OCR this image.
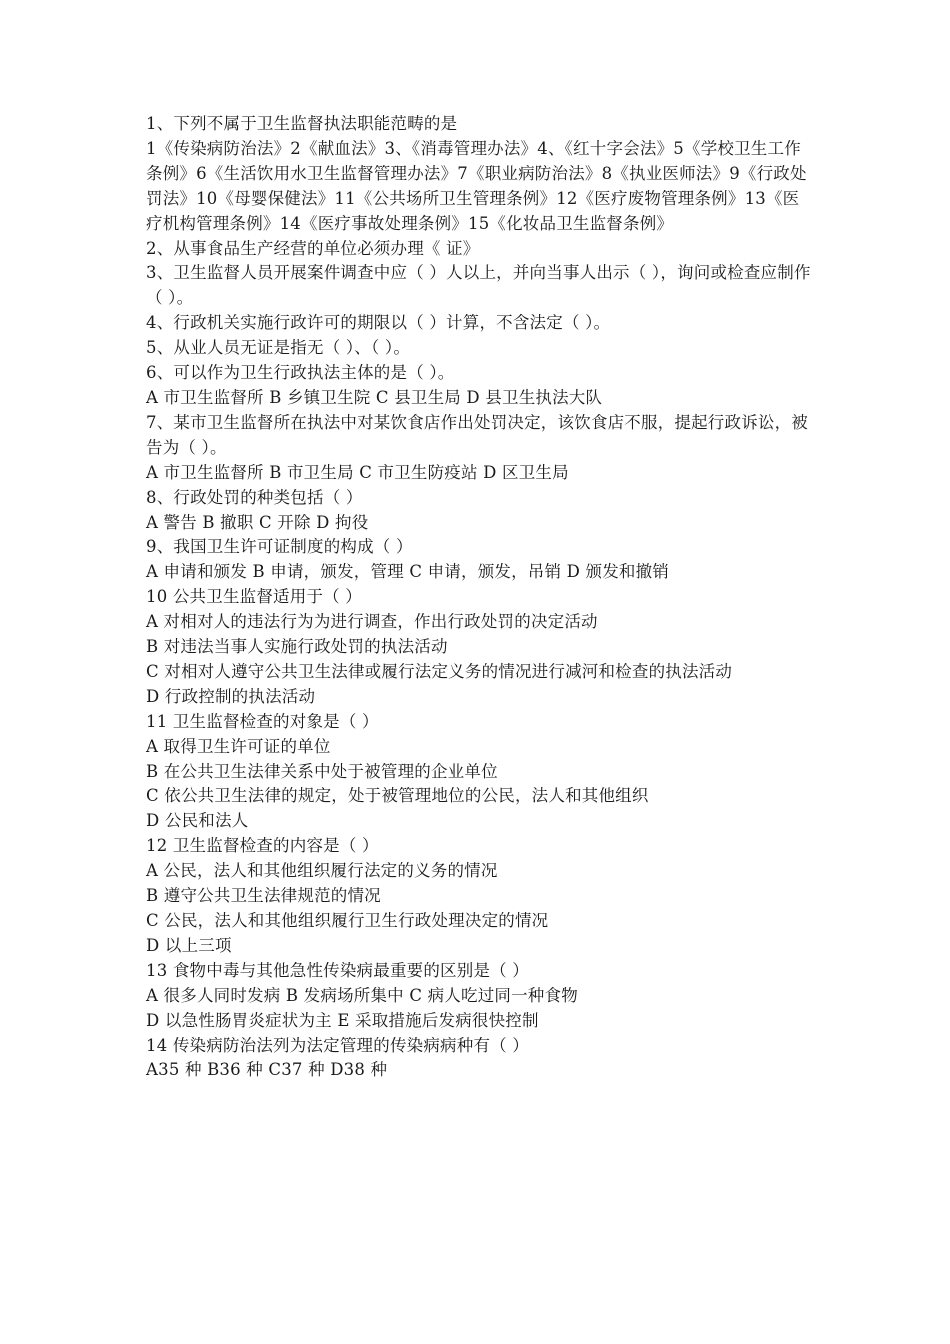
1、下列不属于卫生监督执法职能范畴的是
1《传染病防治法》2《献血法》3、《消毒管理办法》4、《红十字会法》5《学校卫生工作条例》6《生活饮用水卫生监督管理办法》7《职业病防治法》8《执业医师法》9《行政处罚法》10《母婴保健法》11《公共场所卫生管理条例》12《医疗废物管理条例》13《医疗机构管理条例》14《医疗事故处理条例》15《化妆品卫生监督条例》
2、从事食品生产经营的单位必须办理《 证》
3、卫生监督人员开展案件调查中应（ ）人以上，并向当事人出示（ ），询问或检查应制作（ ）。
4、行政机关实施行政许可的期限以（ ）计算，不含法定（ ）。
5、从业人员无证是指无（ ）、（ ）。
6、可以作为卫生行政执法主体的是（ ）。
A 市卫生监督所 B 乡镇卫生院 C 县卫生局 D 县卫生执法大队
7、某市卫生监督所在执法中对某饮食店作出处罚决定，该饮食店不服，提起行政诉讼，被告为（ ）。
A 市卫生监督所 B 市卫生局 C 市卫生防疫站 D 区卫生局
8、行政处罚的种类包括（ ）
A 警告 B 撤职 C 开除 D 拘役
9、我国卫生许可证制度的构成（ ）
A 申请和颁发 B 申请，颁发，管理 C 申请，颁发，吊销 D 颁发和撤销
10 公共卫生监督适用于（ ）
A 对相对人的违法行为为进行调查，作出行政处罚的决定活动
B 对违法当事人实施行政处罚的执法活动
C 对相对人遵守公共卫生法律或履行法定义务的情况进行减河和检查的执法活动
D 行政控制的执法活动
11 卫生监督检查的对象是（ ）
A 取得卫生许可证的单位
B 在公共卫生法律关系中处于被管理的企业单位
C 依公共卫生法律的规定，处于被管理地位的公民，法人和其他组织
D 公民和法人
12 卫生监督检查的内容是（ ）
A 公民，法人和其他组织履行法定的义务的情况
B 遵守公共卫生法律规范的情况
C 公民，法人和其他组织履行卫生行政处理决定的情况
D 以上三项
13 食物中毒与其他急性传染病最重要的区别是（ ）
A 很多人同时发病 B 发病场所集中 C 病人吃过同一种食物
D 以急性肠胃炎症状为主 E 采取措施后发病很快控制
14 传染病防治法列为法定管理的传染病病种有（ ）
A35 种 B36 种 C37 种 D38 种
